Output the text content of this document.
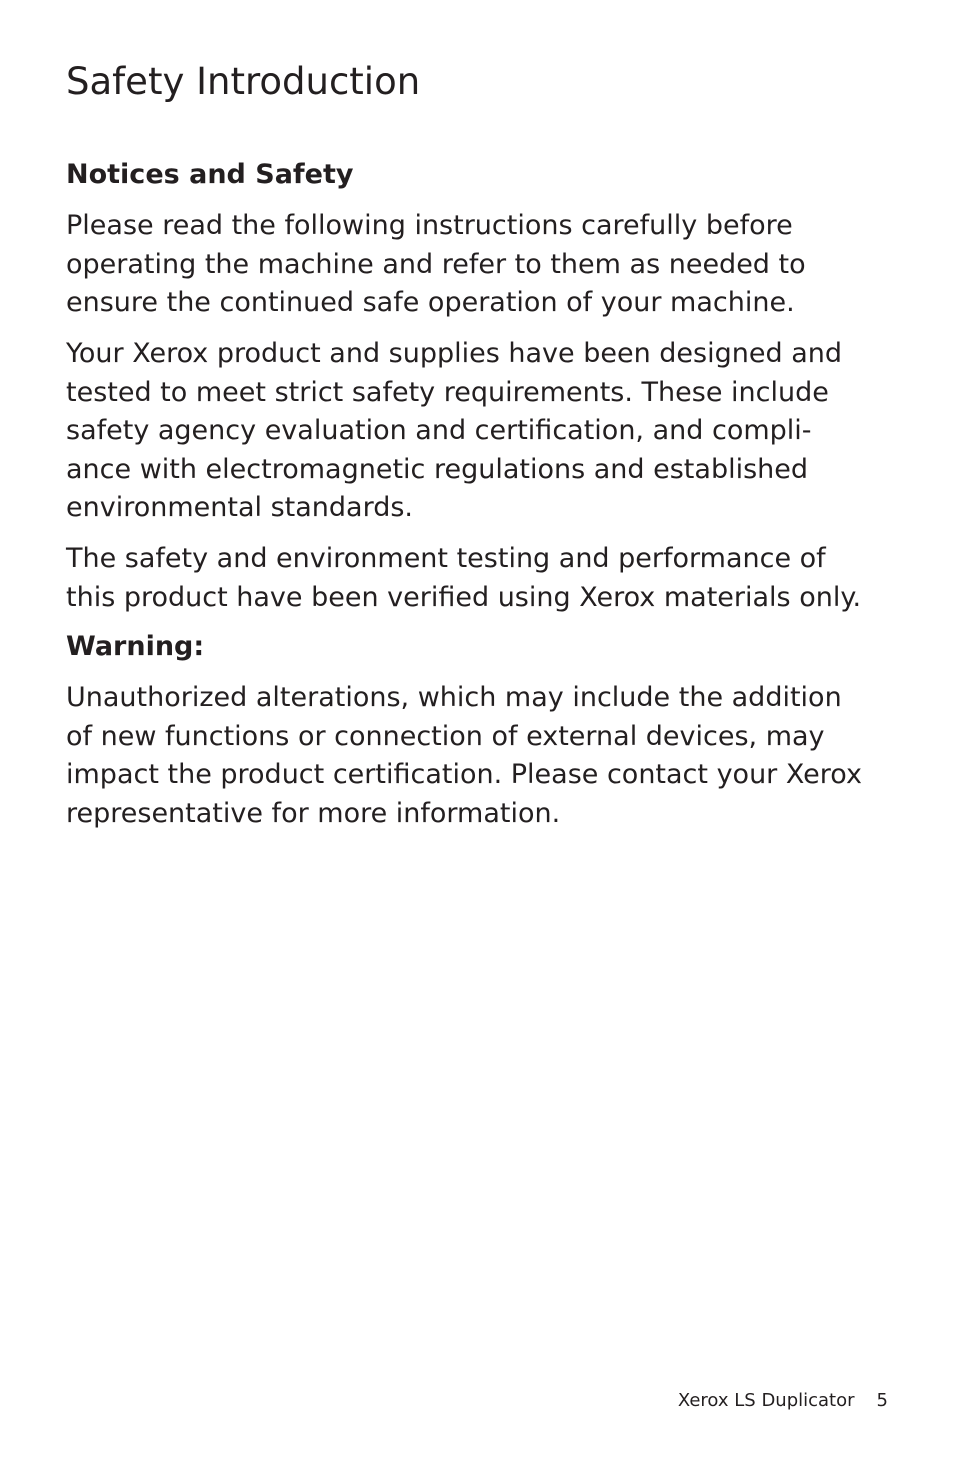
Safety Introduction
Notices and Safety

Please read the following instructions carefully before
operating the machine and refer to them as needed to
ensure the continued safe operation of your machine.

Your Xerox product and supplies have been designed and
tested to meet strict safety requirements. These include
safety agency evaluation and certification, and compli-
ance with electromagnetic regulations and established
environmental standards.

The safety and environment testing and performance of
this product have been verified using Xerox materials only.

Warning:

Unauthorized alterations, which may include the addition
of new functions or connection of external devices, may
impact the product certification. Please contact your Xerox
representative for more information.

Xerox LS Duplicator 5
